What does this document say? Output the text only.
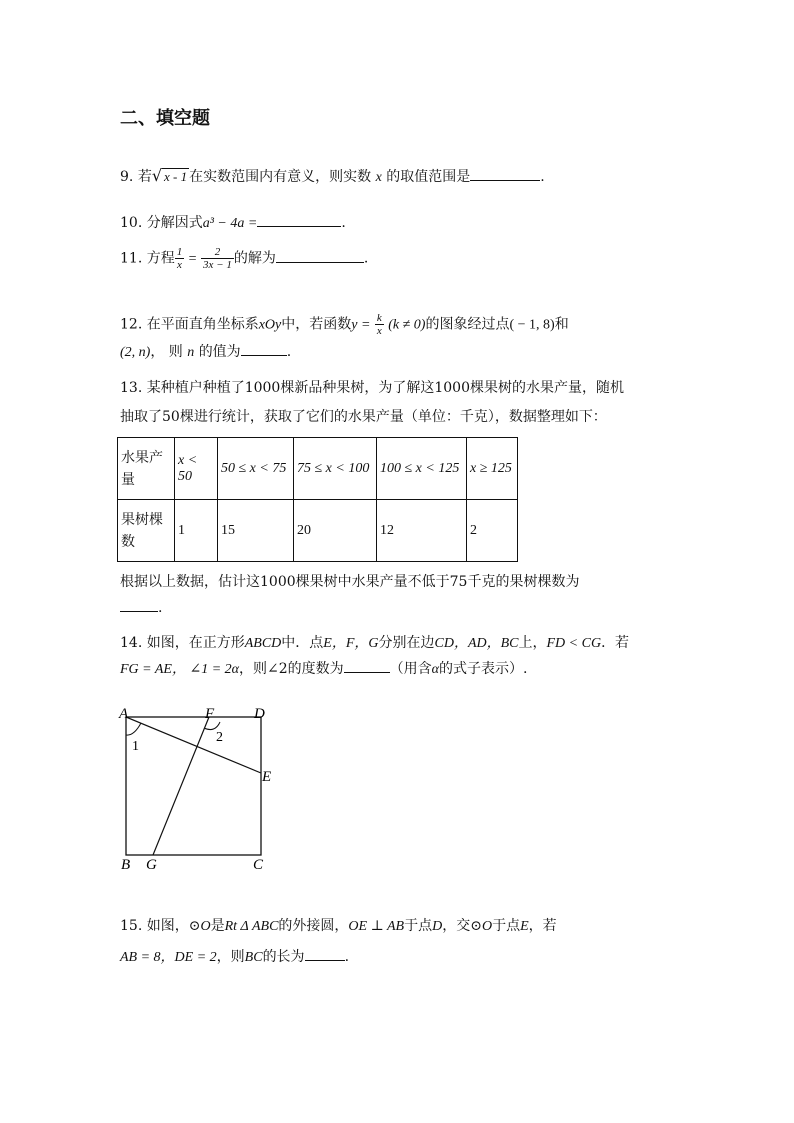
二、填空题
9. 若√ x - 1 在实数范围内有意义，则实数 x 的取值范围是	.
10. 分解因式a³ − 4a =	.
11. 方程 $\frac{1}{x} = \frac{2}{3x - 1}$ 的解为	.
12. 在平面直角坐标系xOy中，若函数$y = \frac{k}{x} (k \ne 0)$的图象经过点( − 1, 8)和
(2, n)， 则 n 的值为	.
13. 某种植户种植了1000棵新品种果树，为了解这1000棵果树的水果产量，随机
抽取了50棵进行统计，获取了它们的水果产量（单位：千克），数据整理如下：
水果产量	x < 50	50 ≤ x < 75	75 ≤ x < 100	100 ≤ x < 125	x ≥ 125
果树棵数	1	15	20	12	2
根据以上数据，估计这1000棵果树中水果产量不低于75千克的果树棵数为
.
14. 如图，在正方形ABCD中．点E，F，G分别在边CD，AD，BC上，FD < CG．若
FG = AE， ∠1 = 2α，则∠2的度数为	（用含α的式子表示）.
A	F	D
E
B G	C
1
2
15. 如图，⊙O是Rt Δ ABC的外接圆，OE ⊥ AB于点D，交⊙O于点E，若
AB = 8，DE = 2，则BC的长为	.
